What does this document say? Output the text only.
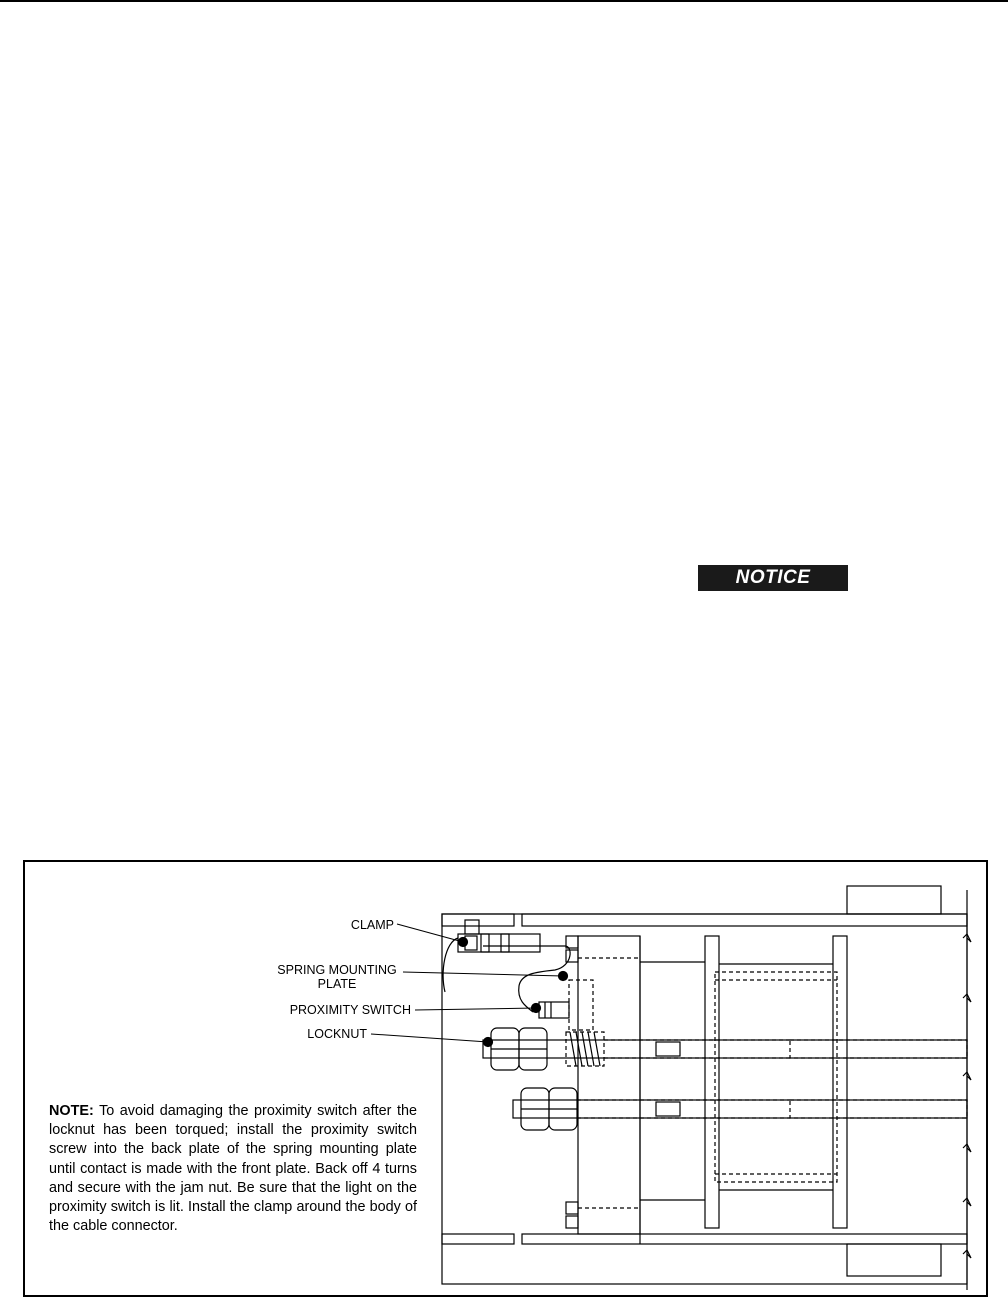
NOTICE
CLAMP
SPRING MOUNTING
PLATE
PROXIMITY SWITCH
LOCKNUT
NOTE: To avoid damaging the proximity switch after the locknut has been torqued; install the proximity switch screw into the back plate of the spring mounting plate until contact is made with the front plate. Back off 4 turns and secure with the jam nut. Be sure that the light on the proximity switch is lit. Install the clamp around the body of the cable connector.
